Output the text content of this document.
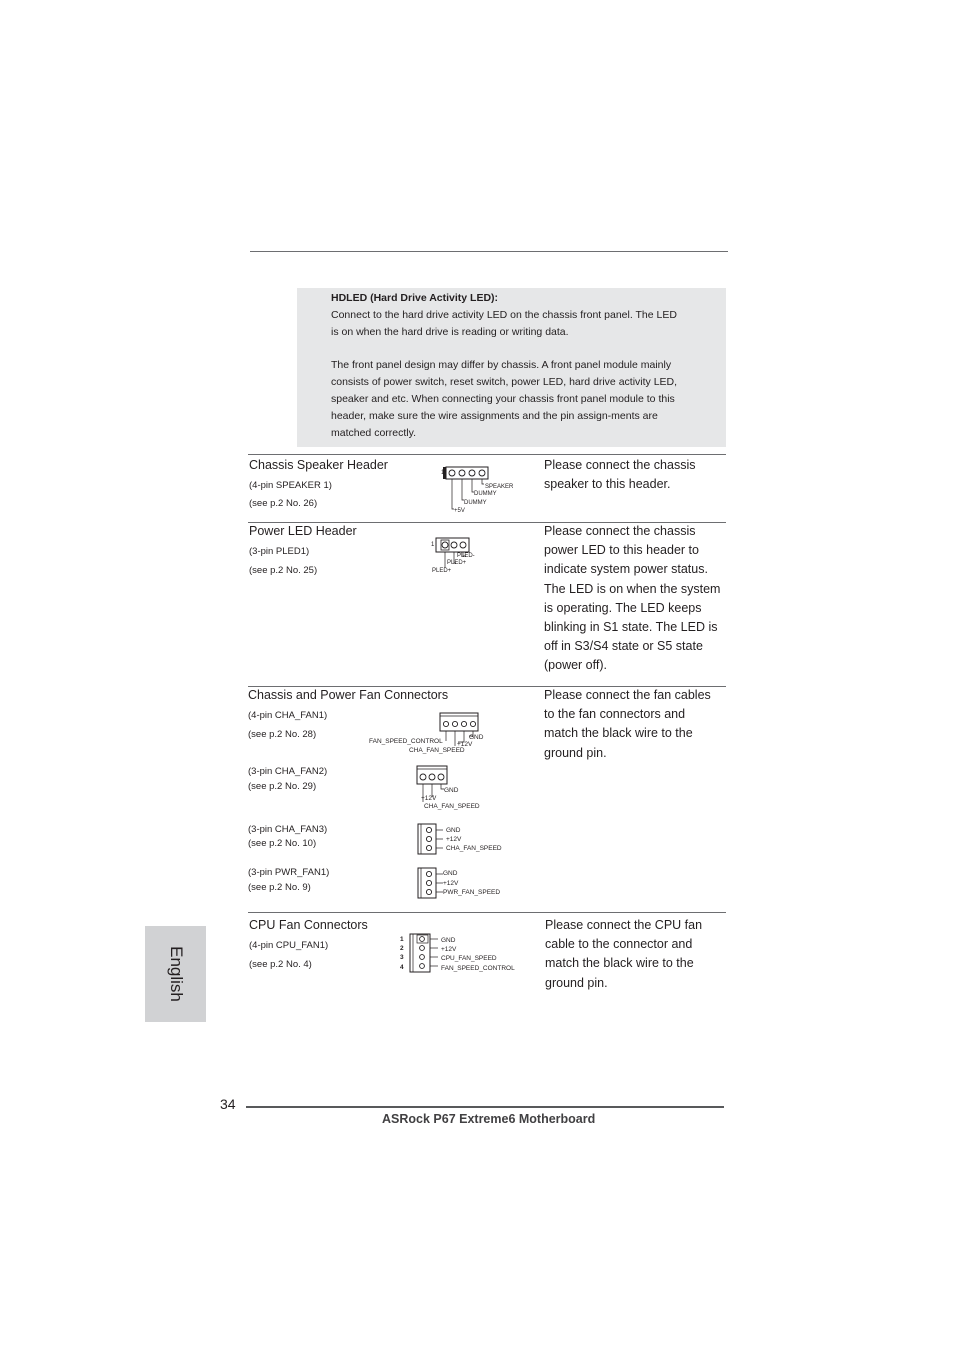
HDLED (Hard Drive Activity LED):

Connect to the hard drive activity LED on the chassis front panel. The LED
is on when the hard drive is reading or writing data.

The front panel design may differ by chassis. A front panel module mainly
consists of power switch, reset switch, power LED, hard drive activity LED,
speaker and etc. When connecting your chassis front panel module to this
header, make sure the wire assignments and the pin assign-ments are
matched correctly.

Chassis Speaker Header
(4-pin SPEAKER 1)
(see p.2 No. 26)
1
SPEAKER
DUMMY
DUMMY
+5V

Please connect the chassis
speaker to this header.

Power LED Header
(3-pin PLED1)
(see p.2 No. 25)
1
PLED-
PLED+
PLED+

Please connect the chassis
power LED to this header to
indicate system power status.
The LED is on when the system
is operating. The LED keeps
blinking in S1 state. The LED is
off in S3/S4 state or S5 state
(power off).

Chassis and Power Fan Connectors
(4-pin CHA_FAN1)
(see p.2 No. 28)
(3-pin CHA_FAN2)
(see p.2 No. 29)
(3-pin CHA_FAN3)
(see p.2 No. 10)
(3-pin PWR_FAN1)
(see p.2 No. 9)
FAN_SPEED_CONTROL
GND
+12V
CHA_FAN_SPEED
GND
+12V
CHA_FAN_SPEED
GND
+12V
CHA_FAN_SPEED
GND
+12V
PWR_FAN_SPEED

Please connect the fan cables
to the fan connectors and
match the black wire to the
ground pin.

CPU Fan Connectors
(4-pin CPU_FAN1)
(see p.2 No. 4)
1
2
3
4
GND
+12V
CPU_FAN_SPEED
FAN_SPEED_CONTROL

Please connect the CPU fan
cable to the connector and
match the black wire to the
ground pin.

English
34
ASRock P67 Extreme6 Motherboard
